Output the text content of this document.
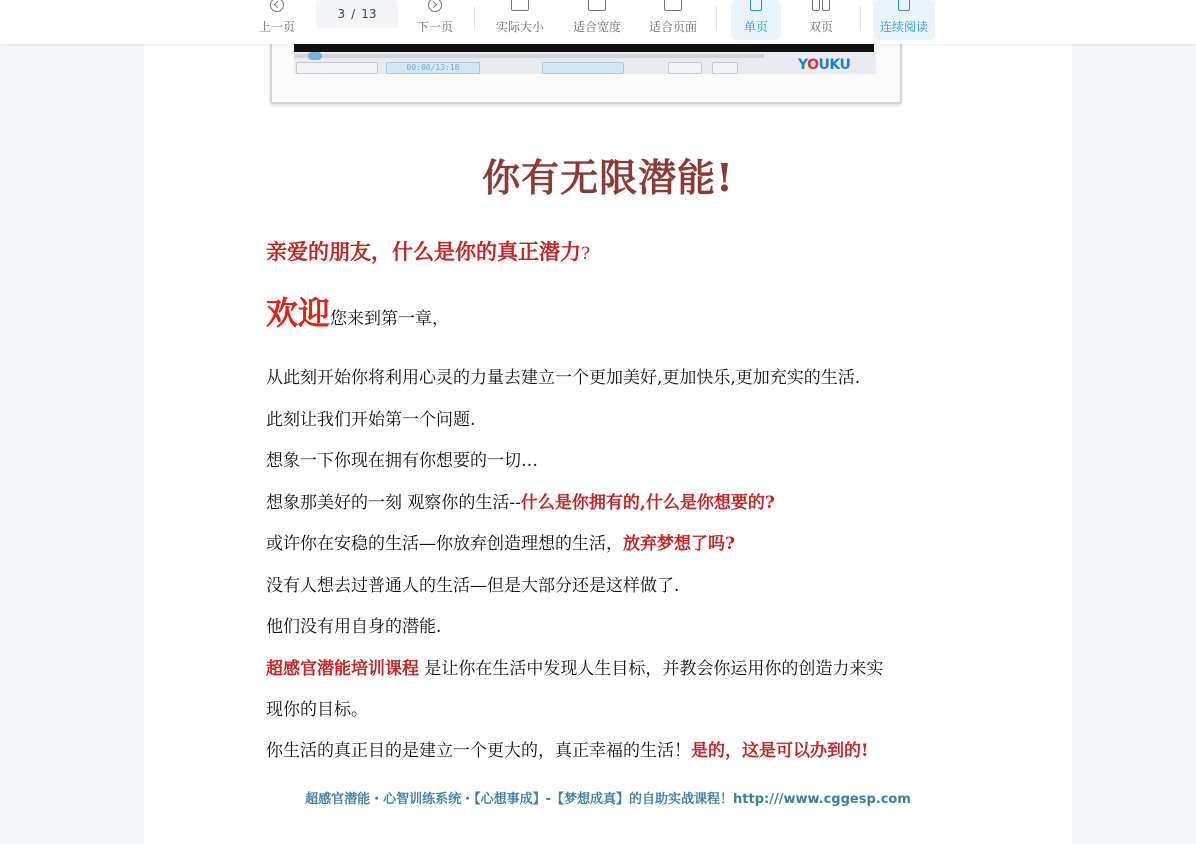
上一页
3 / 13
下一页	实际大小 适合宽度 适合页面	单页	双页	连续阅读
00:00/13:18	YOUKU
你有无限潜能!
亲爱的朋友，什么是你的真正潜力?
欢迎您来到第一章，
从此刻开始你将利用心灵的力量去建立一个更加美好,更加快乐,更加充实的生活.
此刻让我们开始第一个问题.
想象一下你现在拥有你想要的一切…
想象那美好的一刻 观察你的生活--什么是你拥有的,什么是你想要的?
或许你在安稳的生活—你放弃创造理想的生活，放弃梦想了吗?
没有人想去过普通人的生活—但是大部分还是这样做了.
他们没有用自身的潜能.
超感官潜能培训课程 是让你在生活中发现人生目标，并教会你运用你的创造力来实
现你的目标。
你生活的真正目的是建立一个更大的，真正幸福的生活！是的，这是可以办到的!
超感官潜能・心智训练系统・【心想事成】-【梦想成真】的自助实战课程！http:///www.cggesp.com
